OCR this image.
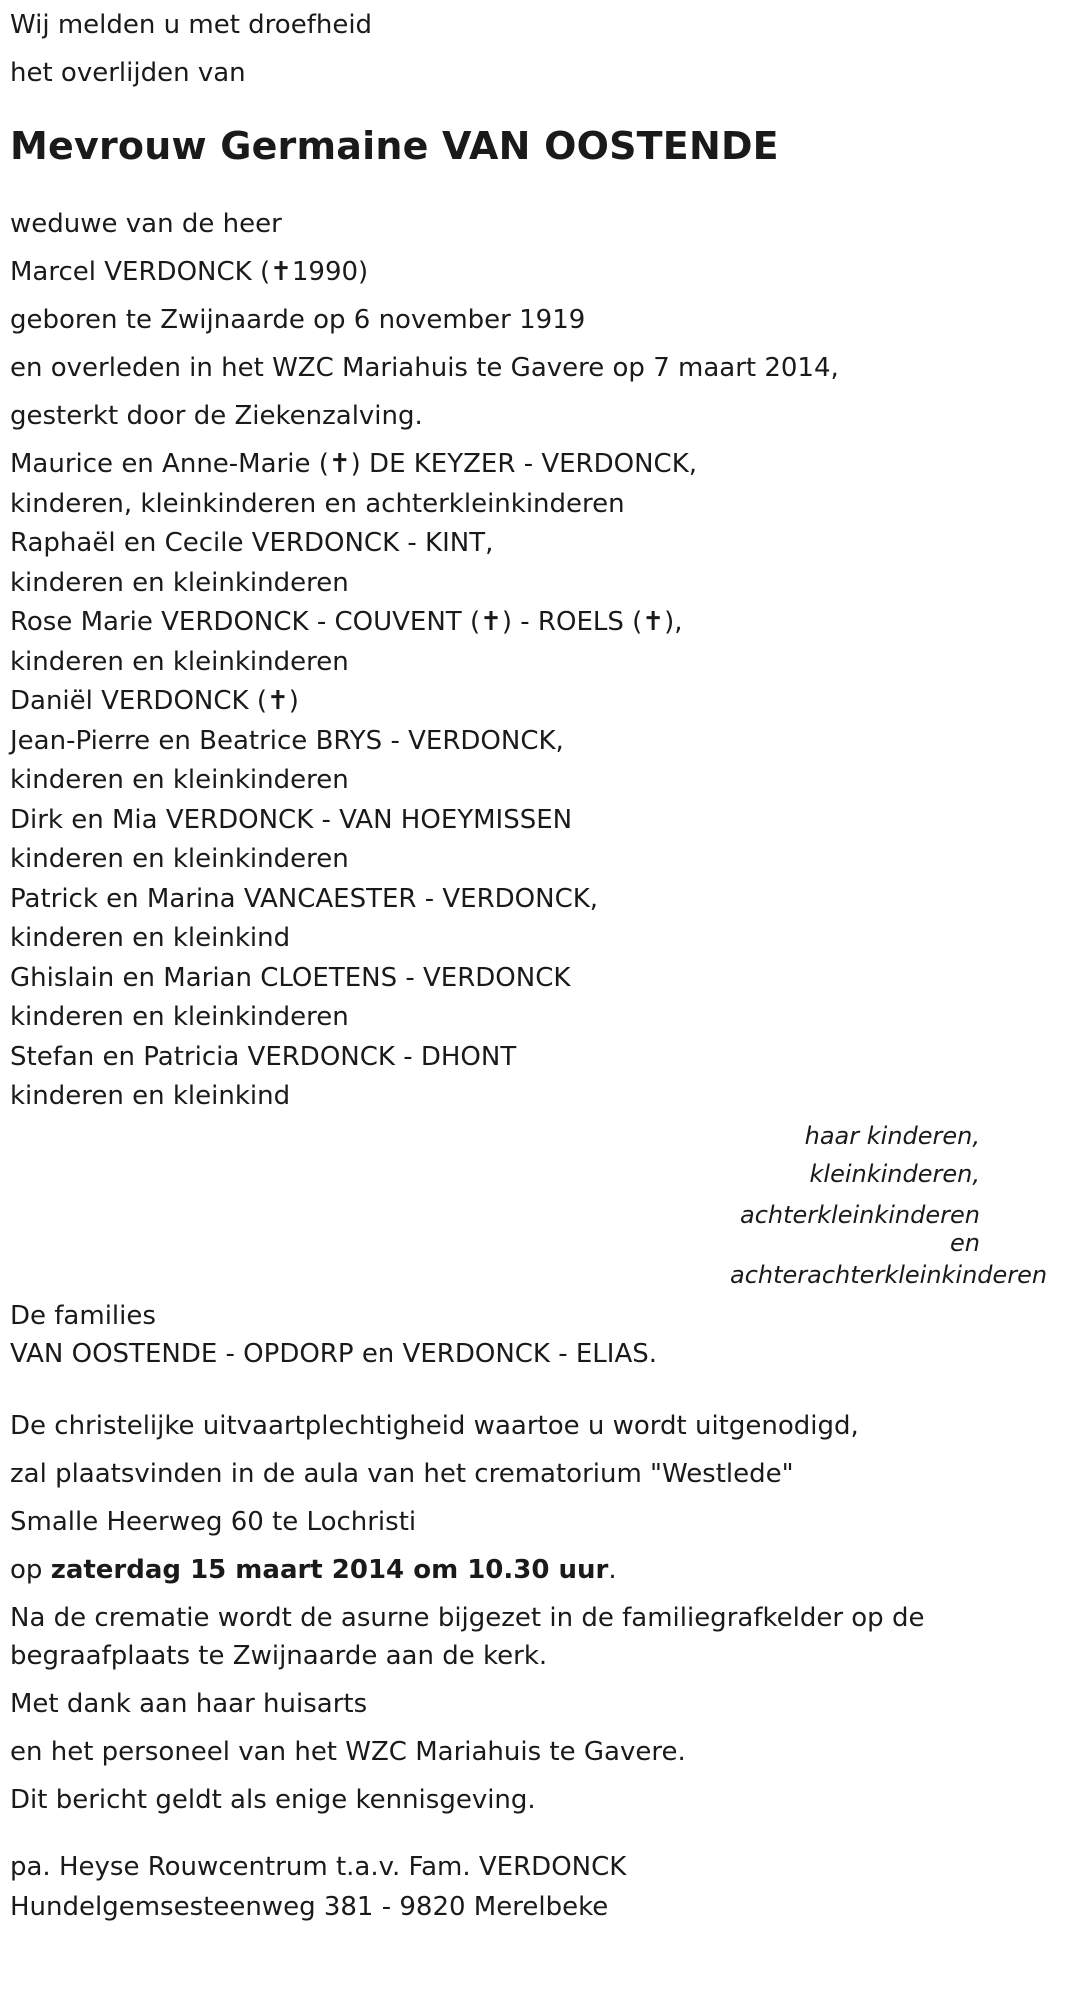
Wij melden u met droefheid

het overlijden van

Mevrouw Germaine VAN OOSTENDE

weduwe van de heer

Marcel VERDONCK (✝1990)

geboren te Zwijnaarde op 6 november 1919

en overleden in het WZC Mariahuis te Gavere op 7 maart 2014,

gesterkt door de Ziekenzalving.

Maurice en Anne-Marie (✝) DE KEYZER - VERDONCK,

kinderen, kleinkinderen en achterkleinkinderen

Raphaël en Cecile VERDONCK - KINT,

kinderen en kleinkinderen

Rose Marie VERDONCK - COUVENT (✝) - ROELS (✝),

kinderen en kleinkinderen

Daniël VERDONCK (✝)

Jean-Pierre en Beatrice BRYS - VERDONCK,

kinderen en kleinkinderen

Dirk en Mia VERDONCK - VAN HOEYMISSEN

kinderen en kleinkinderen

Patrick en Marina VANCAESTER - VERDONCK,

kinderen en kleinkind

Ghislain en Marian CLOETENS - VERDONCK

kinderen en kleinkinderen

Stefan en Patricia VERDONCK - DHONT

kinderen en kleinkind

haar kinderen,
kleinkinderen,
achterkleinkinderen
en
achterachterkleinkinderen

De families

VAN OOSTENDE - OPDORP en VERDONCK - ELIAS.

De christelijke uitvaartplechtigheid waartoe u wordt uitgenodigd,

zal plaatsvinden in de aula van het crematorium "Westlede"

Smalle Heerweg 60 te Lochristi

op zaterdag 15 maart 2014 om 10.30 uur.

Na de crematie wordt de asurne bijgezet in de familiegrafkelder op de begraafplaats te Zwijnaarde aan de kerk.

Met dank aan haar huisarts

en het personeel van het WZC Mariahuis te Gavere.

Dit bericht geldt als enige kennisgeving.

pa. Heyse Rouwcentrum t.a.v. Fam. VERDONCK

Hundelgemsesteenweg 381 - 9820 Merelbeke
